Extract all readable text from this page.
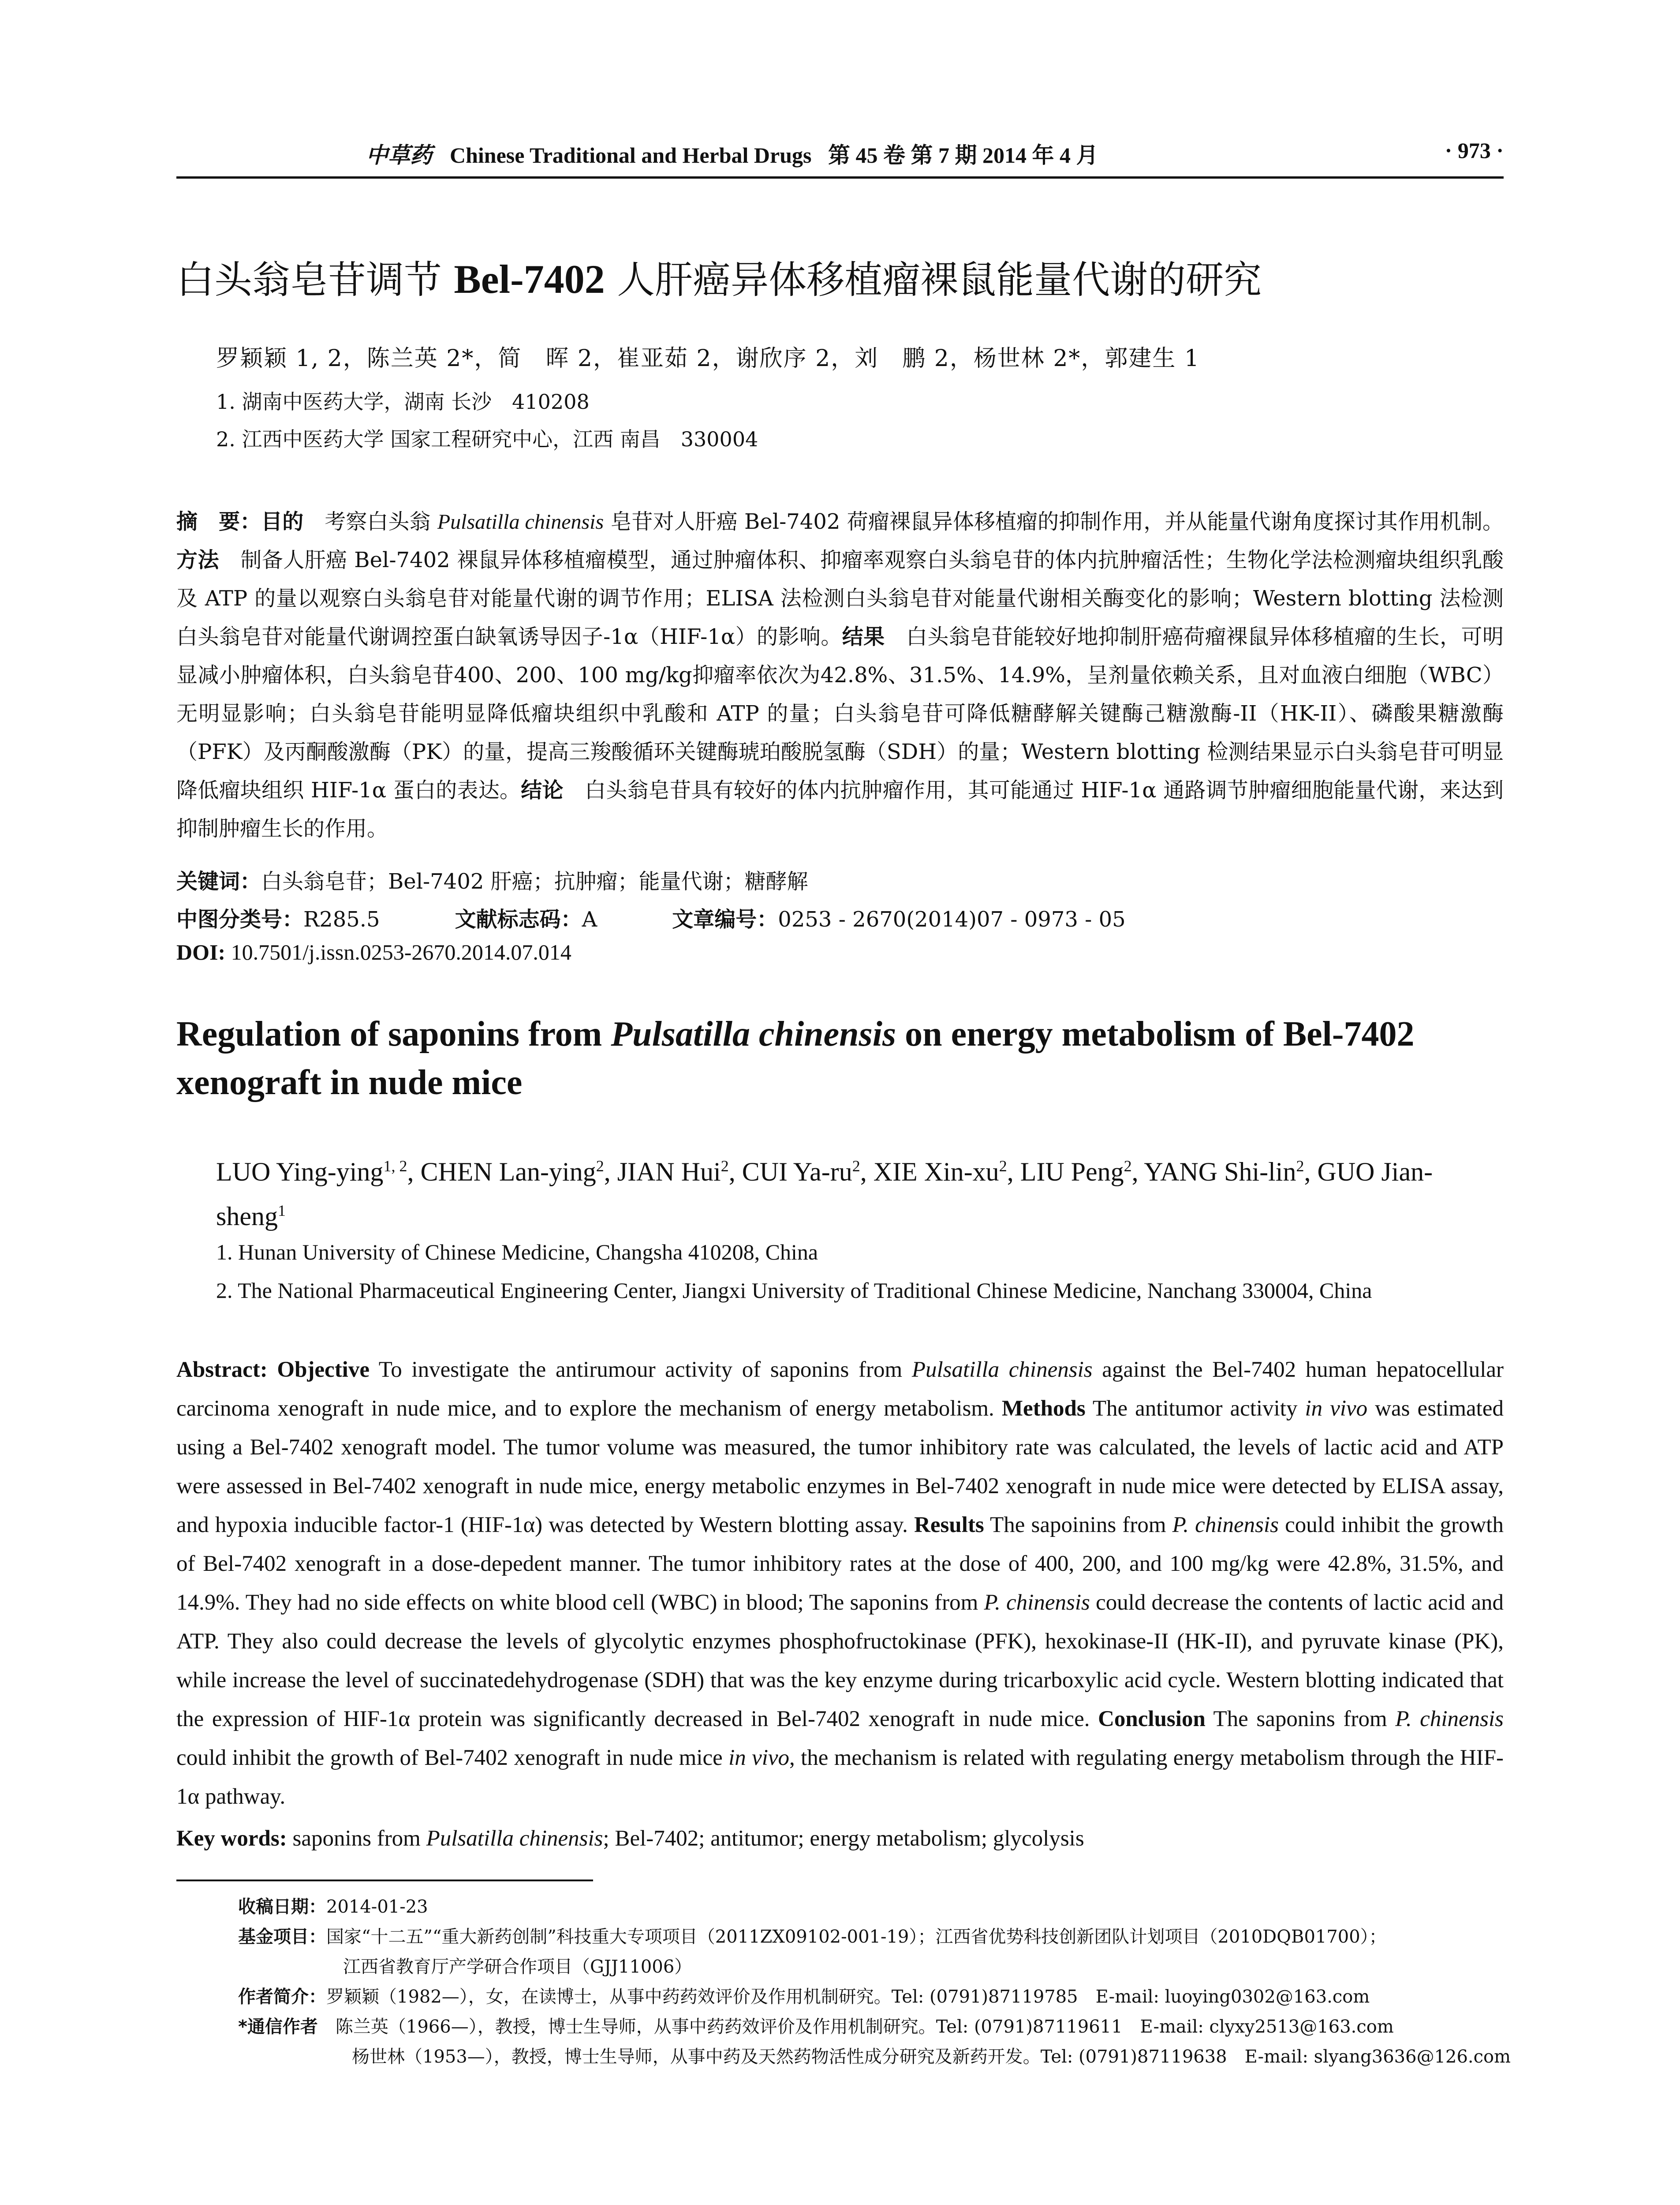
中草药 Chinese Traditional and Herbal Drugs 第 45 卷 第 7 期 2014 年 4 月	· 973 ·
白头翁皂苷调节 Bel-7402 人肝癌异体移植瘤裸鼠能量代谢的研究
罗颖颖 1, 2，陈兰英 2*，简　晖 2，崔亚茹 2，谢欣序 2，刘　鹏 2，杨世林 2*，郭建生 1
1. 湖南中医药大学，湖南 长沙　410208
2. 江西中医药大学 国家工程研究中心，江西 南昌　330004
摘　要：目的　考察白头翁 Pulsatilla chinensis 皂苷对人肝癌 Bel-7402 荷瘤裸鼠异体移植瘤的抑制作用，并从能量代谢角度探讨其作用机制。方法　制备人肝癌 Bel-7402 裸鼠异体移植瘤模型，通过肿瘤体积、抑瘤率观察白头翁皂苷的体内抗肿瘤活性；生物化学法检测瘤块组织乳酸及 ATP 的量以观察白头翁皂苷对能量代谢的调节作用；ELISA 法检测白头翁皂苷对能量代谢相关酶变化的影响；Western blotting 法检测白头翁皂苷对能量代谢调控蛋白缺氧诱导因子-1α（HIF-1α）的影响。结果　白头翁皂苷能较好地抑制肝癌荷瘤裸鼠异体移植瘤的生长，可明显减小肿瘤体积，白头翁皂苷400、200、100 mg/kg抑瘤率依次为42.8%、31.5%、14.9%，呈剂量依赖关系，且对血液白细胞（WBC）无明显影响；白头翁皂苷能明显降低瘤块组织中乳酸和 ATP 的量；白头翁皂苷可降低糖酵解关键酶己糖激酶-II（HK-II）、磷酸果糖激酶（PFK）及丙酮酸激酶（PK）的量，提高三羧酸循环关键酶琥珀酸脱氢酶（SDH）的量；Western blotting 检测结果显示白头翁皂苷可明显降低瘤块组织 HIF-1α 蛋白的表达。结论　白头翁皂苷具有较好的体内抗肿瘤作用，其可能通过 HIF-1α 通路调节肿瘤细胞能量代谢，来达到抑制肿瘤生长的作用。
关键词：白头翁皂苷；Bel-7402 肝癌；抗肿瘤；能量代谢；糖酵解
中图分类号：R285.5	文献标志码：A	文章编号：0253 - 2670(2014)07 - 0973 - 05
DOI: 10.7501/j.issn.0253-2670.2014.07.014
Regulation of saponins from Pulsatilla chinensis on energy metabolism of Bel-7402 xenograft in nude mice
LUO Ying-ying$^{1, 2}$, CHEN Lan-ying$^2$, JIAN Hui$^2$, CUI $Ya-ru^2$, XIE Xin-$xu^2$, LIU Peng$^2$, YANG Shi-lin$^2$, GUO Jian-sheng$^1$
1. Hunan University of Chinese Medicine, Changsha 410208, China
2. The National Pharmaceutical Engineering Center, Jiangxi University of Traditional Chinese Medicine, Nanchang 330004, China
Abstract: Objective To investigate the antirumour activity of saponins from Pulsatilla chinensis against the Bel-7402 human hepatocellular carcinoma xenograft in nude mice, and to explore the mechanism of energy metabolism. Methods The antitumor activity in vivo was estimated using a Bel-7402 xenograft model. The tumor volume was measured, the tumor inhibitory rate was calculated, the levels of lactic acid and ATP were assessed in Bel-7402 xenograft in nude mice, energy metabolic enzymes in Bel-7402 xenograft in nude mice were detected by ELISA assay, and hypoxia inducible factor-1 (HIF-1α) was detected by Western blotting assay. Results The sapoinins from P. chinensis could inhibit the growth of Bel-7402 xenograft in a dose-depedent manner. The tumor inhibitory rates at the dose of 400, 200, and 100 mg/kg were 42.8%, 31.5%, and 14.9%. They had no side effects on white blood cell (WBC) in blood; The saponins from P. chinensis could decrease the contents of lactic acid and ATP. They also could decrease the levels of glycolytic enzymes phosphofructokinase (PFK), hexokinase-II (HK-II), and pyruvate kinase (PK), while increase the level of succinatedehydrogenase (SDH) that was the key enzyme during tricarboxylic acid cycle. Western blotting indicated that the expression of HIF-1α protein was significantly decreased in Bel-7402 xenograft in nude mice. Conclusion The saponins from P. chinensis could inhibit the growth of Bel-7402 xenograft in nude mice in vivo, the mechanism is related with regulating energy metabolism through the HIF-1α pathway.
Key words: saponins from Pulsatilla chinensis; Bel-7402; antitumor; energy metabolism; glycolysis
收稿日期：2014-01-23
基金项目：国家“十二五”“重大新药创制”科技重大专项项目（2011ZX09102-001-19）；江西省优势科技创新团队计划项目（2010DQB01700）；
江西省教育厅产学研合作项目（GJJ11006）
作者简介：罗颖颖（1982—），女，在读博士，从事中药药效评价及作用机制研究。Tel: (0791)87119785　E-mail: luoying0302@163.com
*通信作者　陈兰英（1966—），教授，博士生导师，从事中药药效评价及作用机制研究。Tel: (0791)87119611　E-mail: clyxy2513@163.com
杨世林（1953—），教授，博士生导师，从事中药及天然药物活性成分研究及新药开发。Tel: (0791)87119638　E-mail: slyang3636@126.com
